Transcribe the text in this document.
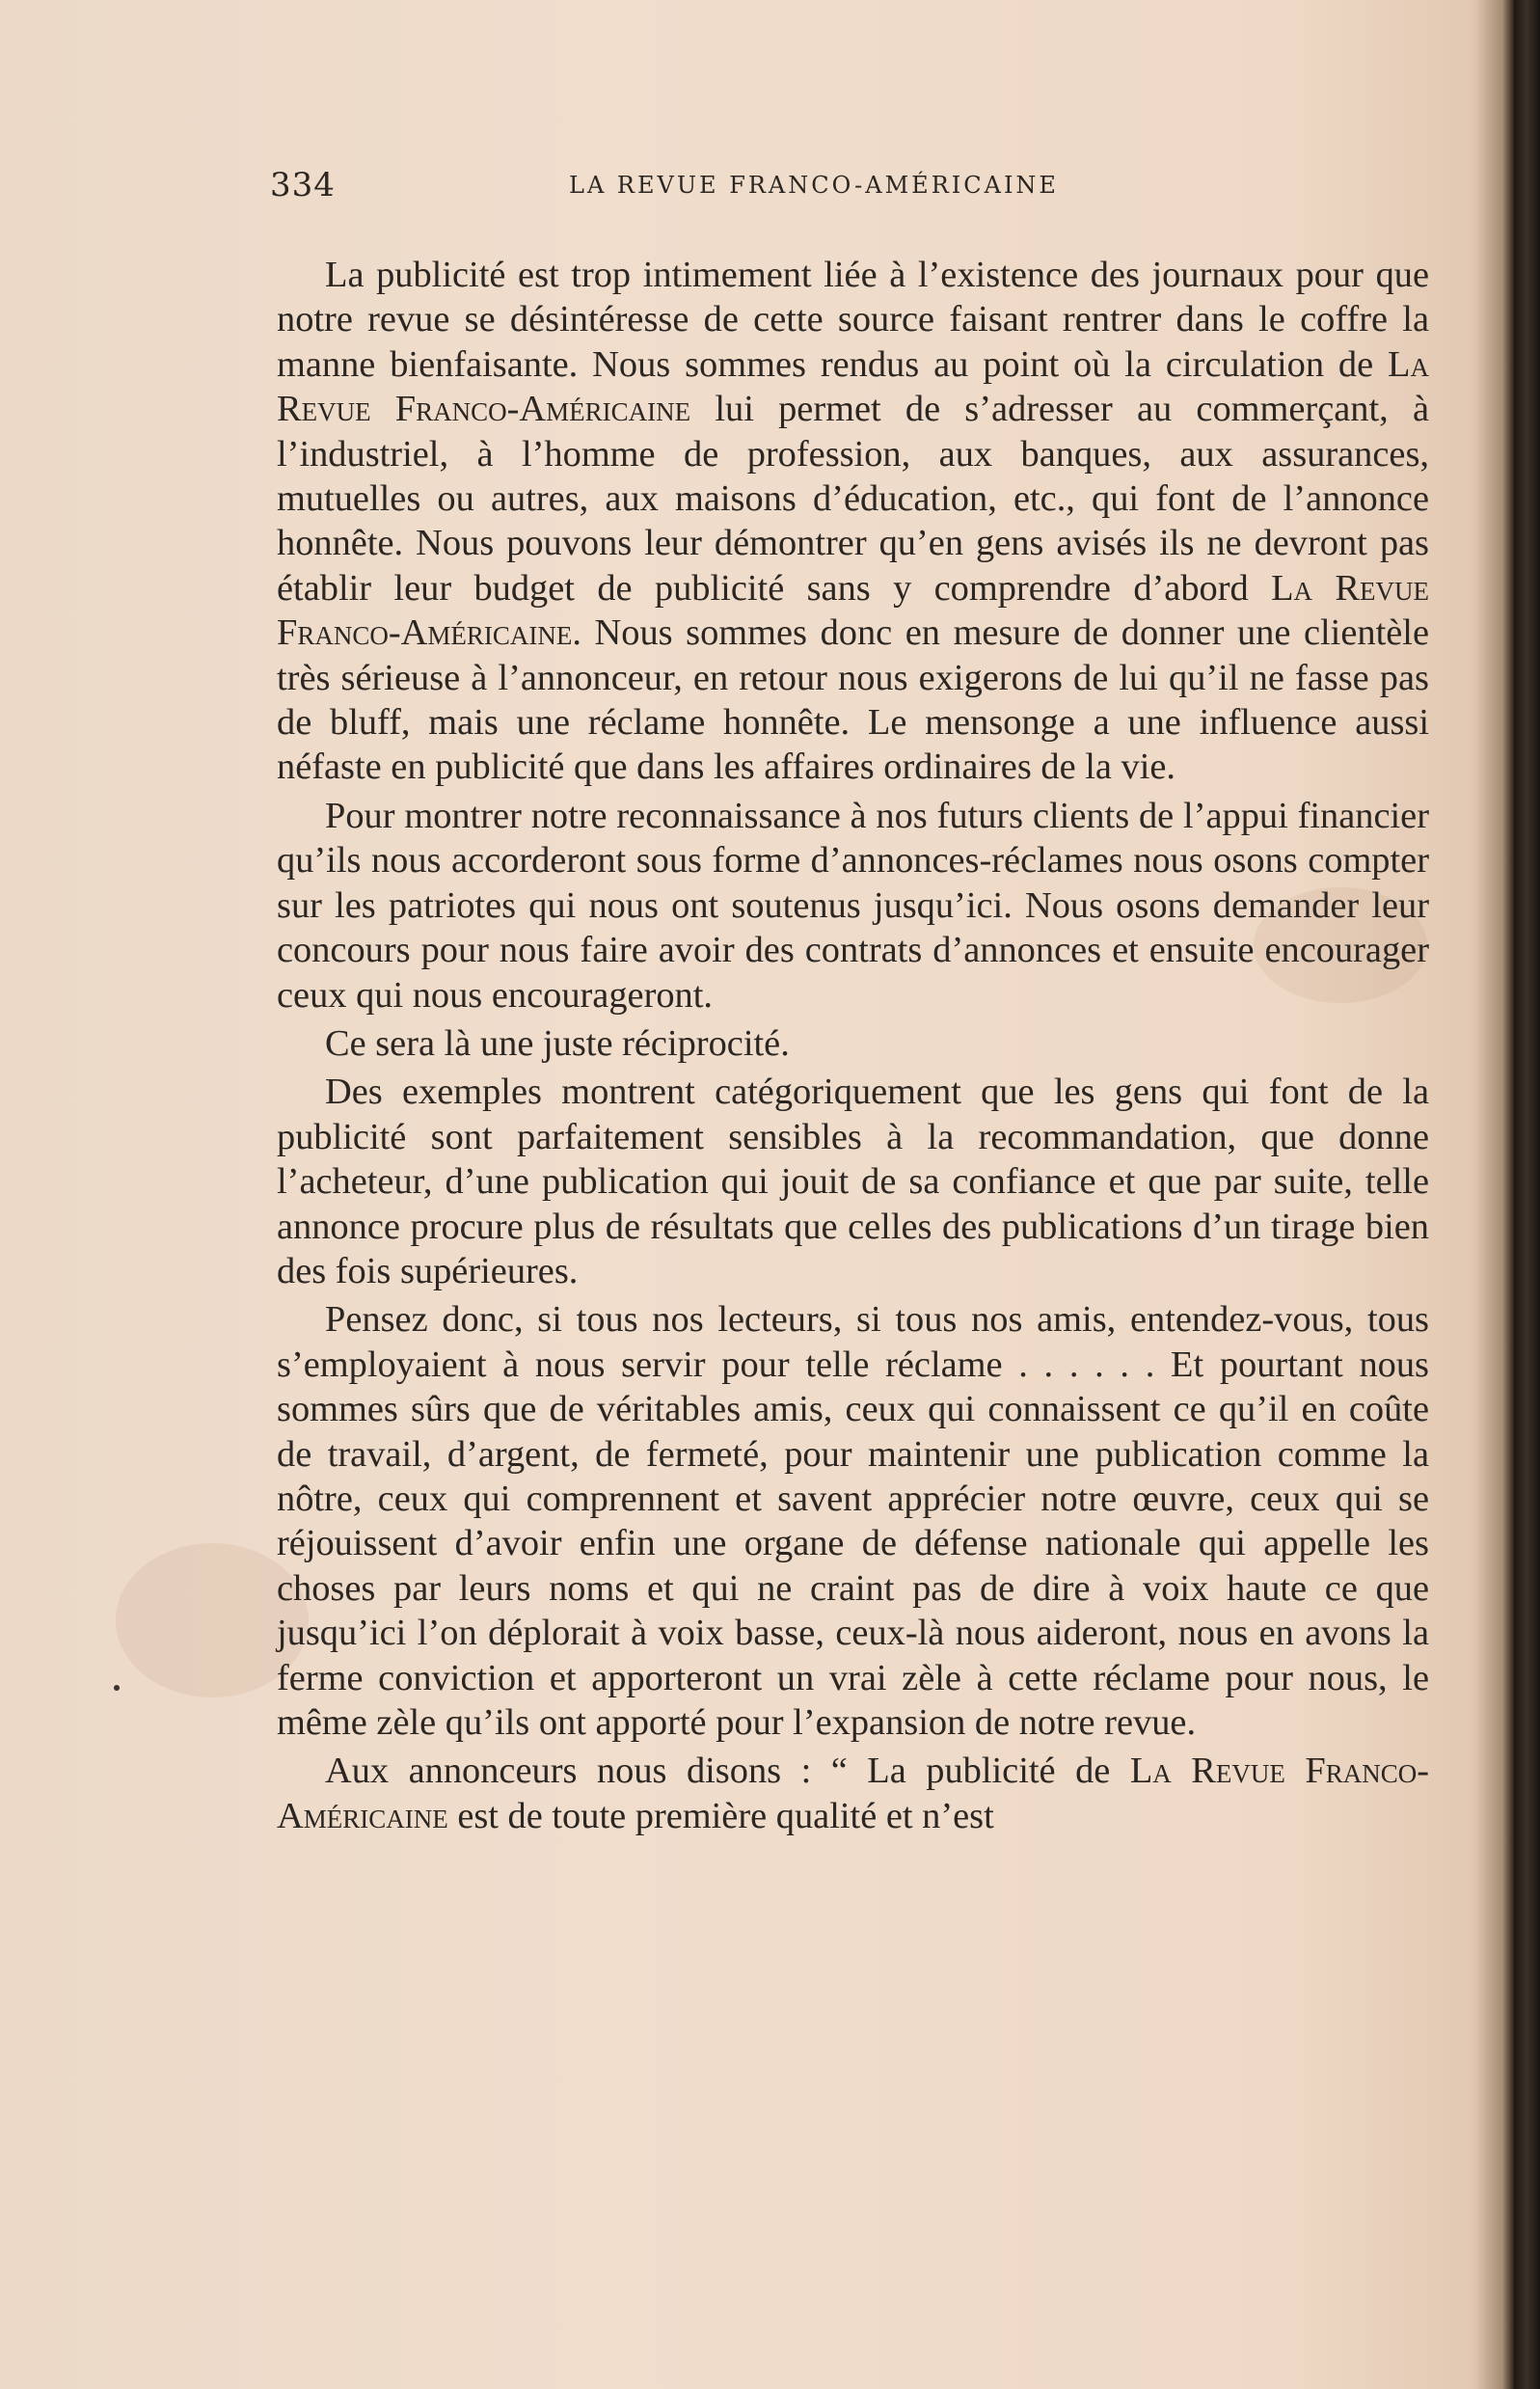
334	LA REVUE FRANCO-AMÉRICAINE

La publicité est trop intimement liée à l’existence des journaux pour que notre revue se désintéresse de cette source faisant rentrer dans le coffre la manne bienfaisante. Nous sommes rendus au point où la circulation de La Revue Franco-Américaine lui permet de s’adresser au commerçant, à l’industriel, à l’homme de profession, aux banques, aux assurances, mutuelles ou autres, aux maisons d’éducation, etc., qui font de l’annonce honnête. Nous pouvons leur démontrer qu’en gens avisés ils ne devront pas établir leur budget de publicité sans y comprendre d’abord La Revue Franco-Américaine. Nous sommes donc en mesure de donner une clientèle très sérieuse à l’annonceur, en retour nous exigerons de lui qu’il ne fasse pas de bluff, mais une réclame honnête. Le mensonge a une influence aussi néfaste en publicité que dans les affaires ordinaires de la vie.

Pour montrer notre reconnaissance à nos futurs clients de l’appui financier qu’ils nous accorderont sous forme d’annonces-réclames nous osons compter sur les patriotes qui nous ont soutenus jusqu’ici. Nous osons demander leur concours pour nous faire avoir des contrats d’annonces et ensuite encourager ceux qui nous encourageront.

Ce sera là une juste réciprocité.

Des exemples montrent catégoriquement que les gens qui font de la publicité sont parfaitement sensibles à la recommandation, que donne l’acheteur, d’une publication qui jouit de sa confiance et que par suite, telle annonce procure plus de résultats que celles des publications d’un tirage bien des fois supérieures.

Pensez donc, si tous nos lecteurs, si tous nos amis, entendez-vous, tous s’employaient à nous servir pour telle réclame . . . . . . Et pourtant nous sommes sûrs que de véritables amis, ceux qui connaissent ce qu’il en coûte de travail, d’argent, de fermeté, pour maintenir une publication comme la nôtre, ceux qui comprennent et savent apprécier notre œuvre, ceux qui se réjouissent d’avoir enfin une organe de défense nationale qui appelle les choses par leurs noms et qui ne craint pas de dire à voix haute ce que jusqu’ici l’on déplorait à voix basse, ceux-là nous aideront, nous en avons la ferme conviction et apporteront un vrai zèle à cette réclame pour nous, le même zèle qu’ils ont apporté pour l’expansion de notre revue.

Aux annonceurs nous disons : “ La publicité de La Revue Franco-Américaine est de toute première qualité et n’est
